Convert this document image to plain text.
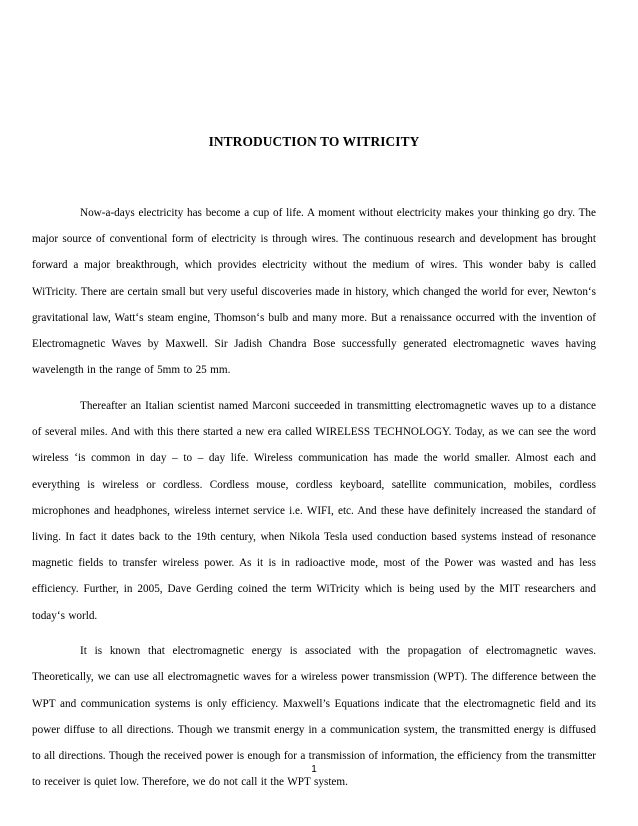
INTRODUCTION TO WITRICITY

Now-a-days electricity has become a cup of life. A moment without electricity makes your thinking go dry. The major source of conventional form of electricity is through wires. The continuous research and development has brought forward a major breakthrough, which provides electricity without the medium of wires. This wonder baby is called WiTricity. There are certain small but very useful discoveries made in history, which changed the world for ever, Newton‘s gravitational law, Watt‘s steam engine, Thomson‘s bulb and many more. But a renaissance occurred with the invention of Electromagnetic Waves by Maxwell. Sir Jadish Chandra Bose successfully generated electromagnetic waves having wavelength in the range of 5mm to 25 mm.

Thereafter an Italian scientist named Marconi succeeded in transmitting electromagnetic waves up to a distance of several miles. And with this there started a new era called WIRELESS TECHNOLOGY. Today, as we can see the word wireless ‘is common in day – to – day life. Wireless communication has made the world smaller. Almost each and everything is wireless or cordless. Cordless mouse, cordless keyboard, satellite communication, mobiles, cordless microphones and headphones, wireless internet service i.e. WIFI, etc. And these have definitely increased the standard of living. In fact it dates back to the 19th century, when Nikola Tesla used conduction based systems instead of resonance magnetic fields to transfer wireless power. As it is in radioactive mode, most of the Power was wasted and has less efficiency. Further, in 2005, Dave Gerding coined the term WiTricity which is being used by the MIT researchers and today‘s world.

It is known that electromagnetic energy is associated with the propagation of electromagnetic waves. Theoretically, we can use all electromagnetic waves for a wireless power transmission (WPT). The difference between the WPT and communication systems is only efficiency. Maxwell’s Equations indicate that the electromagnetic field and its power diffuse to all directions. Though we transmit energy in a communication system, the transmitted energy is diffused to all directions. Though the received power is enough for a transmission of information, the efficiency from the transmitter to receiver is quiet low. Therefore, we do not call it the WPT system.

1
